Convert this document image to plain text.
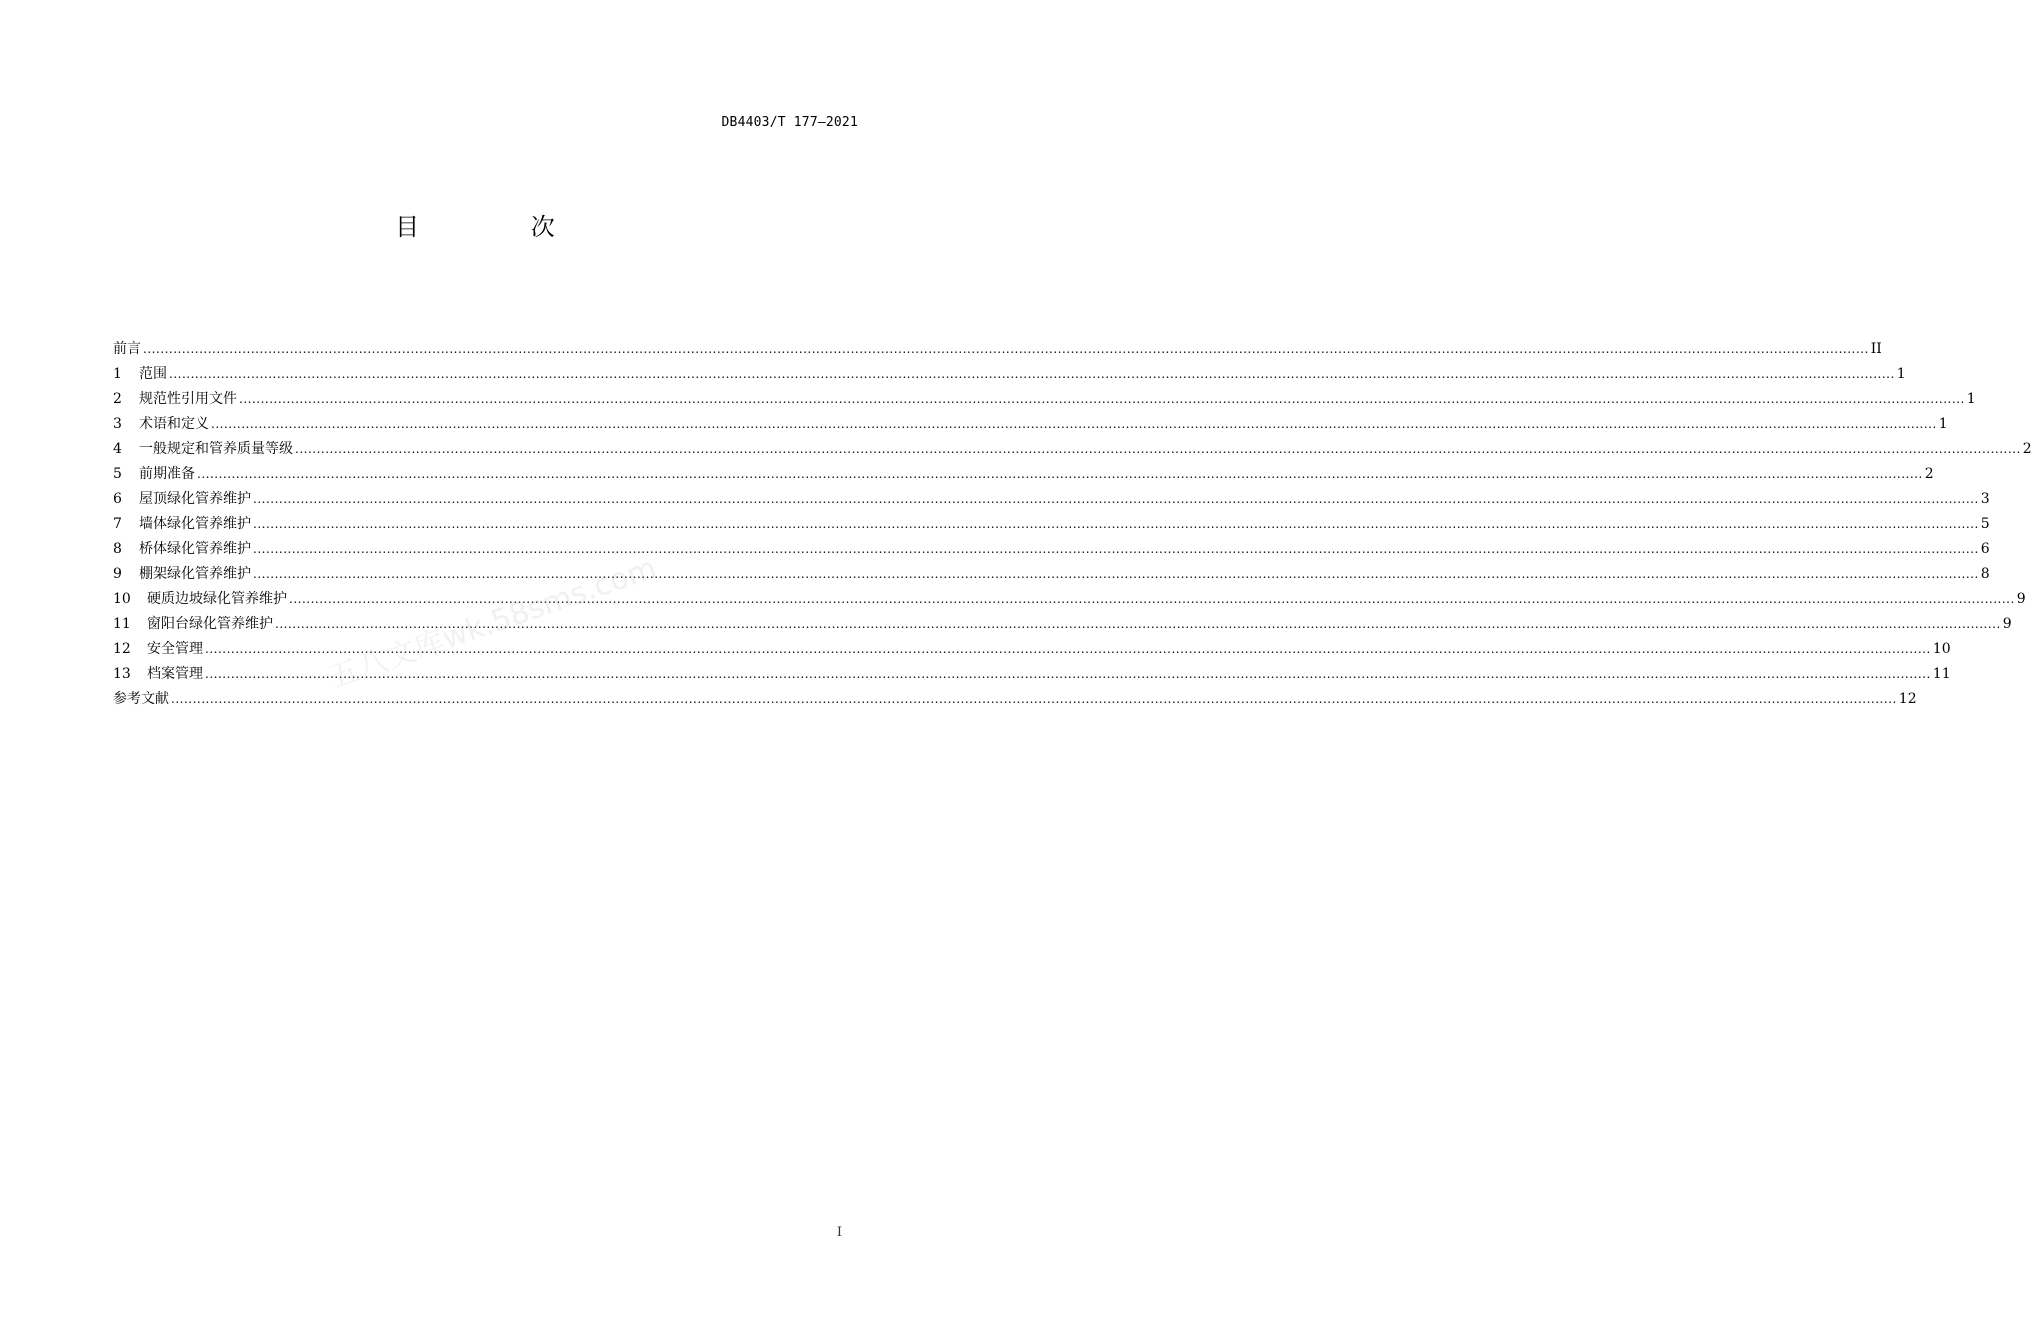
DB4403/T 177—2021
目 次
前言 ................................................................................................................................................................................................................................................................................................................................................................................................................ II
1	范围 ................................................................................................................................................................................................................................................................................................................................................................................................................ 1
2	规范性引用文件 ................................................................................................................................................................................................................................................................................................................................................................................................................ 1
3	术语和定义 ................................................................................................................................................................................................................................................................................................................................................................................................................ 1
4	一般规定和管养质量等级 ................................................................................................................................................................................................................................................................................................................................................................................................................ 2
5	前期准备 ................................................................................................................................................................................................................................................................................................................................................................................................................ 2
6	屋顶绿化管养维护 ................................................................................................................................................................................................................................................................................................................................................................................................................ 3
7	墙体绿化管养维护 ................................................................................................................................................................................................................................................................................................................................................................................................................ 5
8	桥体绿化管养维护 ................................................................................................................................................................................................................................................................................................................................................................................................................ 6
9	棚架绿化管养维护 ................................................................................................................................................................................................................................................................................................................................................................................................................ 8
10	硬质边坡绿化管养维护 ................................................................................................................................................................................................................................................................................................................................................................................................................ 9
11	窗阳台绿化管养维护 ................................................................................................................................................................................................................................................................................................................................................................................................................ 9
12	安全管理 ................................................................................................................................................................................................................................................................................................................................................................................................................ 10
13	档案管理 ................................................................................................................................................................................................................................................................................................................................................................................................................ 11
参考文献 ................................................................................................................................................................................................................................................................................................................................................................................................................ 12
五八文库wk.58sms.com
I
